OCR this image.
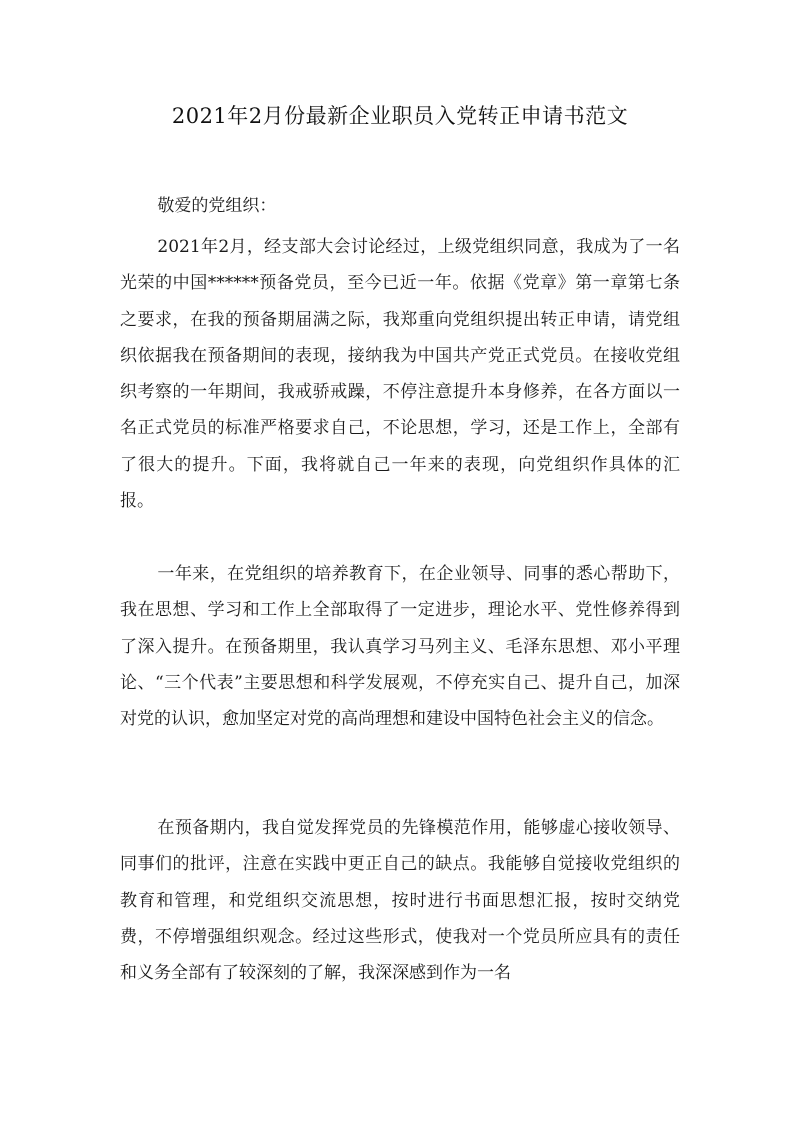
2021年2月份最新企业职员入党转正申请书范文

敬爱的党组织：

2021年2月，经支部大会讨论经过，上级党组织同意，我成为了一名光荣的中国******预备党员，至今已近一年。依据《党章》第一章第七条之要求，在我的预备期届满之际，我郑重向党组织提出转正申请，请党组织依据我在预备期间的表现，接纳我为中国共产党正式党员。在接收党组织考察的一年期间，我戒骄戒躁，不停注意提升本身修养，在各方面以一名正式党员的标准严格要求自己，不论思想，学习，还是工作上，全部有了很大的提升。下面，我将就自己一年来的表现，向党组织作具体的汇报。

一年来，在党组织的培养教育下，在企业领导、同事的悉心帮助下，我在思想、学习和工作上全部取得了一定进步，理论水平、党性修养得到了深入提升。在预备期里，我认真学习马列主义、毛泽东思想、邓小平理论、“三个代表”主要思想和科学发展观，不停充实自己、提升自己，加深对党的认识，愈加坚定对党的高尚理想和建设中国特色社会主义的信念。

在预备期内，我自觉发挥党员的先锋模范作用，能够虚心接收领导、同事们的批评，注意在实践中更正自己的缺点。我能够自觉接收党组织的教育和管理，和党组织交流思想，按时进行书面思想汇报，按时交纳党费，不停增强组织观念。经过这些形式，使我对一个党员所应具有的责任和义务全部有了较深刻的了解，我深深感到作为一名
